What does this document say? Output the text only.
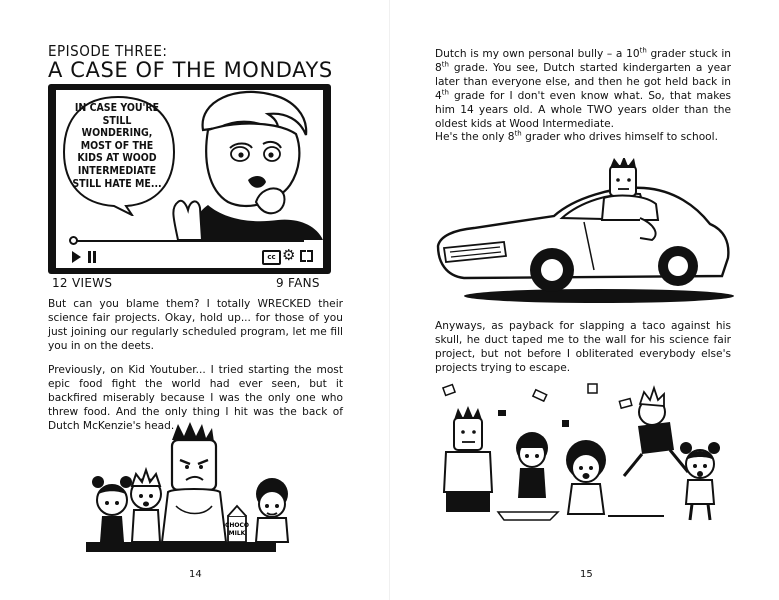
EPISODE THREE:
A CASE OF THE MONDAYS
IN CASE YOU'RE STILL WONDERING, MOST OF THE KIDS AT WOOD INTERMEDIATE STILL HATE ME...
cc ⚙
12 VIEWS	9 FANS

But can you blame them? I totally WRECKED their science fair projects. Okay, hold up... for those of you just joining our regularly scheduled program, let me fill you in on the deets.

Previously, on Kid Youtuber... I tried starting the most epic food fight the world had ever seen, but it backfired miserably because I was the only one who threw food. And the only thing I hit was the back of Dutch McKenzie's head.

CHOCO
MILK
14

Dutch is my own personal bully – a 10th grader stuck in 8th grade. You see, Dutch started kindergarten a year later than everyone else, and then he got held back in 4th grade for I don't even know what. So, that makes him 14 years old. A whole TWO years older than the oldest kids at Wood Intermediate.

He's the only 8th grader who drives himself to school.

Anyways, as payback for slapping a taco against his skull, he duct taped me to the wall for his science fair project, but not before I obliterated everybody else's projects trying to escape.

15
